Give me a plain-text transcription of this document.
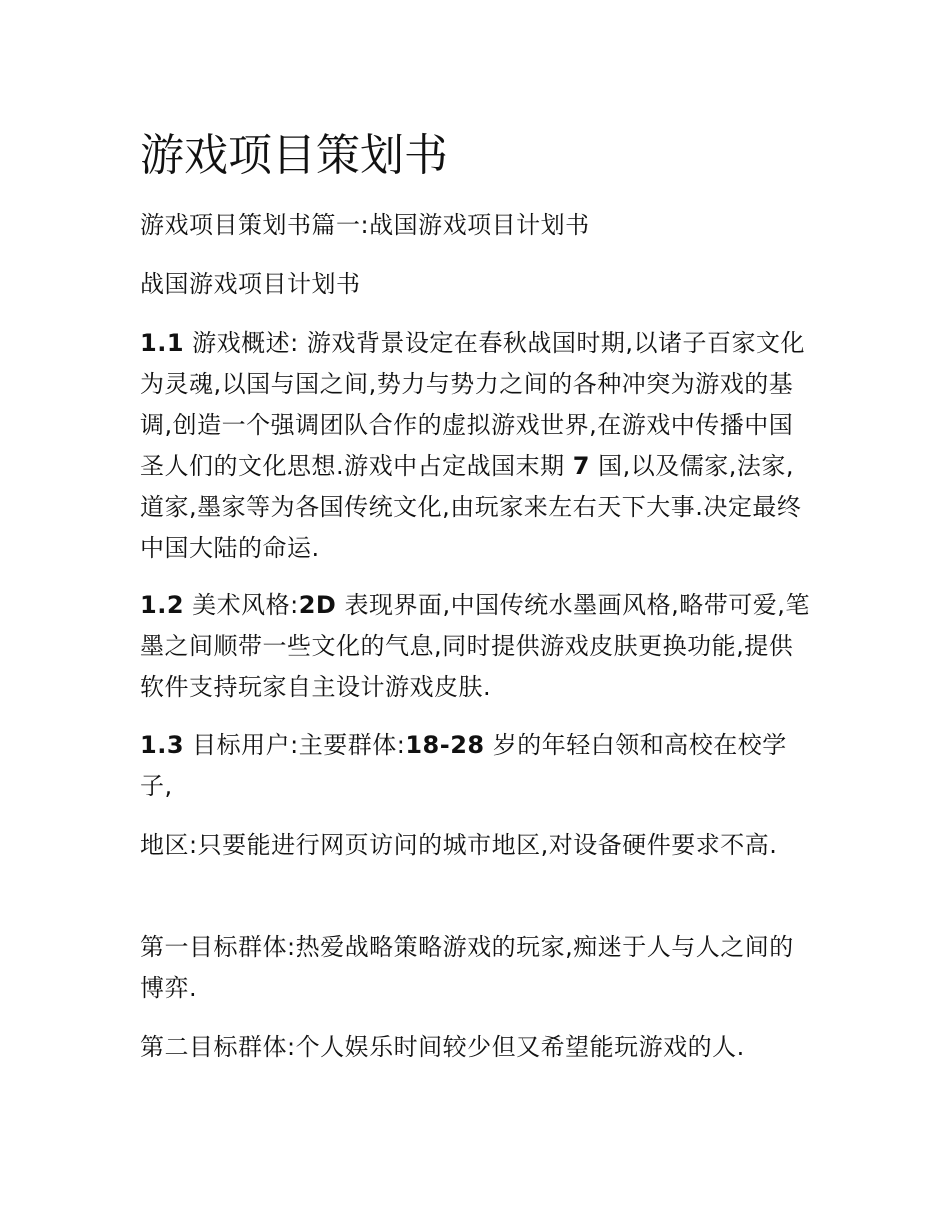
游戏项目策划书

游戏项目策划书篇一:战国游戏项目计划书

战国游戏项目计划书

1.1 游戏概述: 游戏背景设定在春秋战国时期,以诸子百家文化为灵魂,以国与国之间,势力与势力之间的各种冲突为游戏的基调,创造一个强调团队合作的虚拟游戏世界,在游戏中传播中国圣人们的文化思想.游戏中占定战国末期 7 国,以及儒家,法家,道家,墨家等为各国传统文化,由玩家来左右天下大事.决定最终中国大陆的命运.

1.2 美术风格:2D 表现界面,中国传统水墨画风格,略带可爱,笔墨之间顺带一些文化的气息,同时提供游戏皮肤更换功能,提供软件支持玩家自主设计游戏皮肤.

1.3 目标用户:主要群体:18-28 岁的年轻白领和高校在校学子,

地区:只要能进行网页访问的城市地区,对设备硬件要求不高.

第一目标群体:热爱战略策略游戏的玩家,痴迷于人与人之间的博弈.

第二目标群体:个人娱乐时间较少但又希望能玩游戏的人.
